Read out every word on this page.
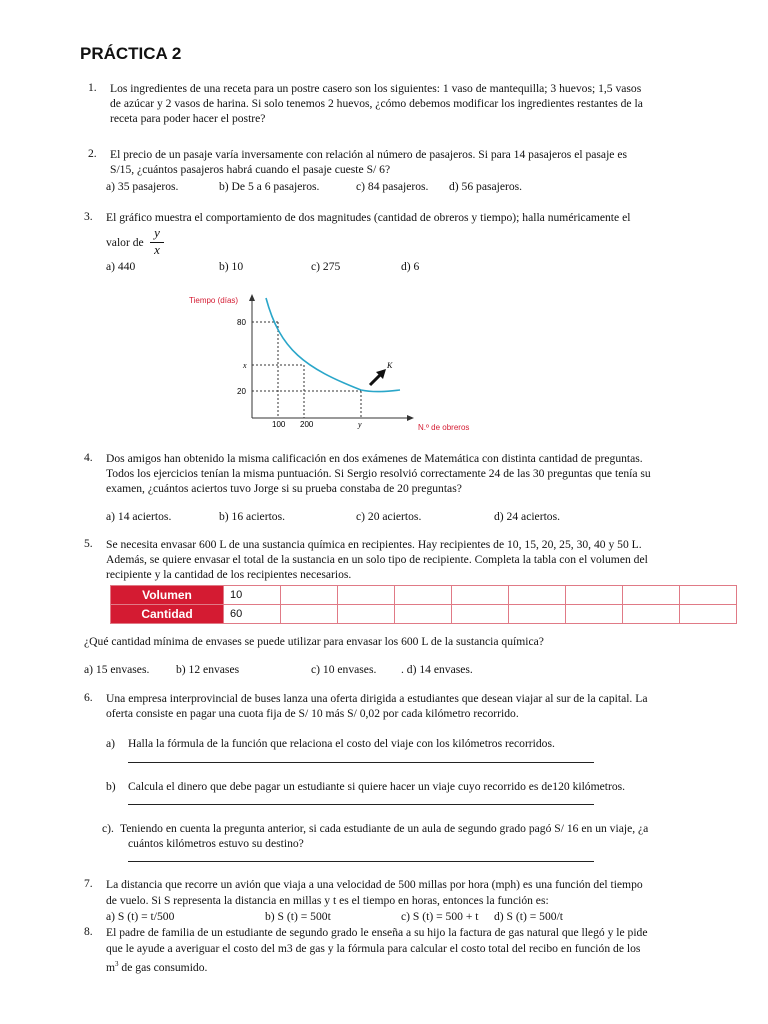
PRÁCTICA 2
1. Los ingredientes de una receta para un postre casero son los siguientes: 1 vaso de mantequilla; 3 huevos; 1,5 vasos
de azúcar y 2 vasos de harina. Si solo tenemos 2 huevos, ¿cómo debemos modificar los ingredientes restantes de la
receta para poder hacer el postre?
2. El precio de un pasaje varía inversamente con relación al número de pasajeros. Si para 14 pasajeros el pasaje es
S/15, ¿cuántos pasajeros habrá cuando el pasaje cueste S/ 6?
a) 35 pasajeros.	b) De 5 a 6 pasajeros.	c) 84 pasajeros. d) 56 pasajeros.
3. El gráfico muestra el comportamiento de dos magnitudes (cantidad de obreros y tiempo); halla numéricamente el
valor de
y
x
a) 440	b) 10	c) 275	d) 6
Tiempo (días)
N.º de obreros
80
x
20
100 200	y
K
4. Dos amigos han obtenido la misma calificación en dos exámenes de Matemática con distinta cantidad de preguntas.
Todos los ejercicios tenían la misma puntuación. Si Sergio resolvió correctamente 24 de las 30 preguntas que tenía su
examen, ¿cuántos aciertos tuvo Jorge si su prueba constaba de 20 preguntas?
a) 14 aciertos.	b) 16 aciertos.	c) 20 aciertos.	d) 24 aciertos.
5. Se necesita envasar 600 L de una sustancia química en recipientes. Hay recipientes de 10, 15, 20, 25, 30, 40 y 50 L.
Además, se quiere envasar el total de la sustancia en un solo tipo de recipiente. Completa la tabla con el volumen del
recipiente y la cantidad de los recipientes necesarios.
Volumen	10								
Cantidad	60								
¿Qué cantidad mínima de envases se puede utilizar para envasar los 600 L de la sustancia química?
a) 15 envases. b) 12 envases	c) 10 envases. . d) 14 envases.
6. Una empresa interprovincial de buses lanza una oferta dirigida a estudiantes que desean viajar al sur de la capital. La
oferta consiste en pagar una cuota fija de S/ 10 más S/ 0,02 por cada kilómetro recorrido.
a) Halla la fórmula de la función que relaciona el costo del viaje con los kilómetros recorridos.
b) Calcula el dinero que debe pagar un estudiante si quiere hacer un viaje cuyo recorrido es de120 kilómetros.
c). Teniendo en cuenta la pregunta anterior, si cada estudiante de un aula de segundo grado pagó S/ 16 en un viaje, ¿a
cuántos kilómetros estuvo su destino?
7. La distancia que recorre un avión que viaja a una velocidad de 500 millas por hora (mph) es una función del tiempo
de vuelo. Si S representa la distancia en millas y t es el tiempo en horas, entonces la función es:
a) S (t) = t/500	b) S (t) = 500t	c) S (t) = 500 + t d) S (t) = 500/t
8. El padre de familia de un estudiante de segundo grado le enseña a su hijo la factura de gas natural que llegó y le pide
que le ayude a averiguar el costo del m3 de gas y la fórmula para calcular el costo total del recibo en función de los
$m^3$ de gas consumido.
